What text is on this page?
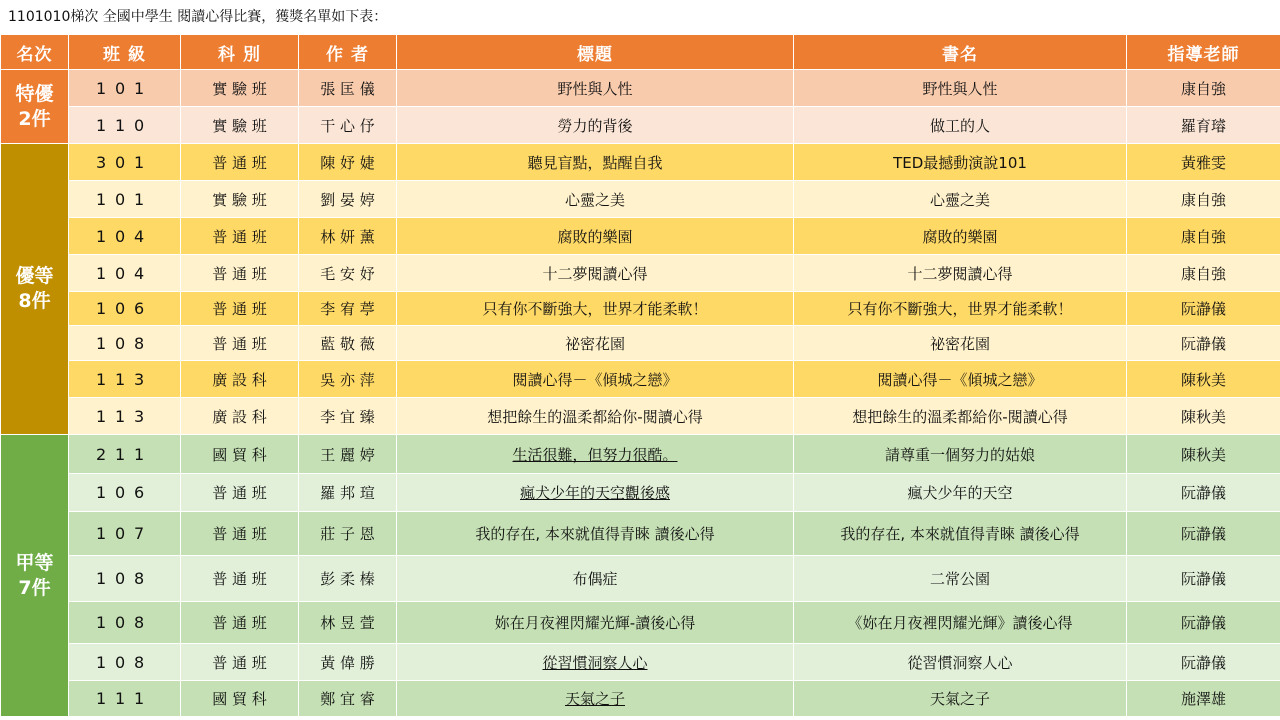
1101010梯次 全國中學生 閱讀心得比賽，獲獎名單如下表：
名次	班 級	科 別	作 者	標題	書名	指導老師
特優
2件	101	實 驗 班	張 匡 儀	野性與人性	野性與人性	康自強
	110	實 驗 班	干 心 伃	勞力的背後	做工的人	羅育璿
優等
8件	301	普 通 班	陳 妤 婕	聽見盲點，點醒自我	TED最撼動演說101	黃雅雯
	101	實 驗 班	劉 晏 婷	心靈之美	心靈之美	康自強
	104	普 通 班	林 妍 薰	腐敗的樂園	腐敗的樂園	康自強
	104	普 通 班	毛 安 妤	十二夢閱讀心得	十二夢閱讀心得	康自強
	106	普 通 班	李 宥 葶	只有你不斷強大，世界才能柔軟！	只有你不斷強大，世界才能柔軟！	阮瀞儀
	108	普 通 班	藍 敬 薇	祕密花園	祕密花園	阮瀞儀
	113	廣 設 科	吳 亦 萍	閱讀心得－《傾城之戀》	閱讀心得－《傾城之戀》	陳秋美
	113	廣 設 科	李 宜 臻	想把餘生的溫柔都給你-閱讀心得	想把餘生的溫柔都給你-閱讀心得	陳秋美
甲等
7件	211	國 貿 科	王 麗 婷	生活很難，但努力很酷。	請尊重一個努力的姑娘	陳秋美
	106	普 通 班	羅 邦 瑄	瘋犬少年的天空觀後感	瘋犬少年的天空	阮瀞儀
	107	普 通 班	莊 子 恩	我的存在, 本來就值得青睞 讀後心得	我的存在, 本來就值得青睞 讀後心得	阮瀞儀
	108	普 通 班	彭 柔 榛	布偶症	二常公園	阮瀞儀
	108	普 通 班	林 昱 萱	妳在月夜裡閃耀光輝-讀後心得	《妳在月夜裡閃耀光輝》讀後心得	阮瀞儀
	108	普 通 班	黃 偉 勝	從習慣洞察人心	從習慣洞察人心	阮瀞儀
	111	國 貿 科	鄭 宜 睿	天氣之子	天氣之子	施澤雄
